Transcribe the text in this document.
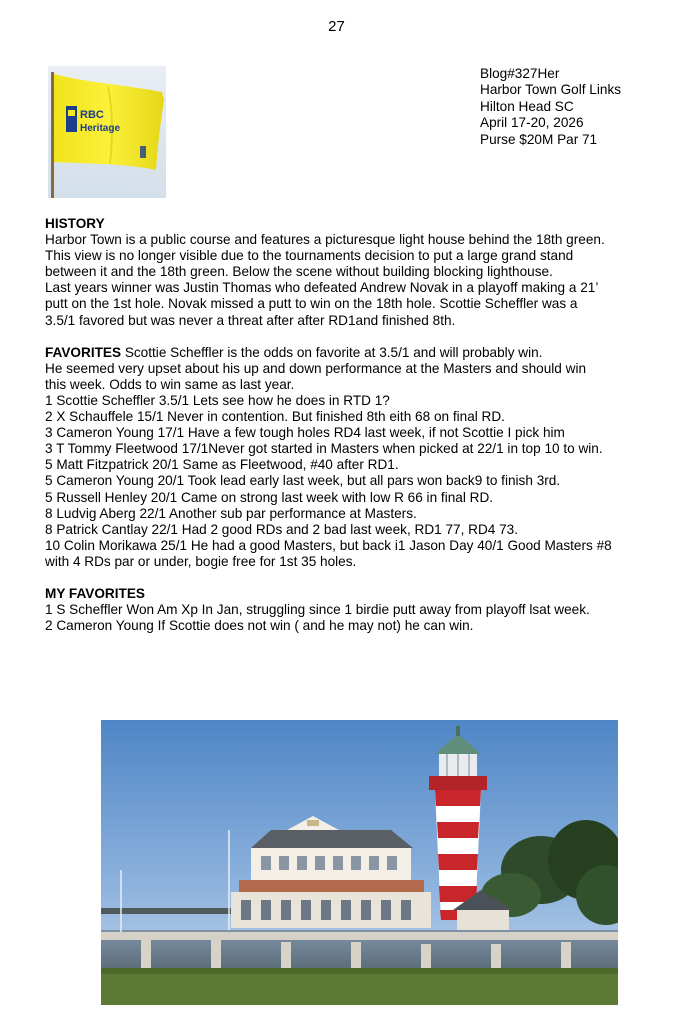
27
RBC
Heritage
Blog#327Her
Harbor Town Golf Links
Hilton Head SC
April 17-20, 2026
Purse $20M Par 71

HISTORY

Harbor Town is a public course and features a picturesque light house behind the 18th green.

This view is no longer visible due to the tournaments decision to put a large grand stand

between it and the 18th green. Below the scene without building blocking lighthouse.

Last years winner was Justin Thomas who defeated Andrew Novak in a playoff making a 21’

putt on the 1st hole. Novak missed a putt to win on the 18th hole. Scottie Scheffler was a

3.5/1 favored but was never a threat after after RD1and finished 8th.

FAVORITES Scottie Scheffler is the odds on favorite at 3.5/1 and will probably win.

He seemed very upset about his up and down performance at the Masters and should win

this week. Odds to win same as last year.

1 Scottie Scheffler 3.5/1 Lets see how he does in RTD 1?

2 X Schauffele 15/1 Never in contention. But finished 8th eith 68 on final RD.

3 Cameron Young 17/1 Have a few tough holes RD4 last week, if not Scottie I pick him

3 T Tommy Fleetwood 17/1Never got started in Masters when picked at 22/1 in top 10 to win.

5 Matt Fitzpatrick 20/1 Same as Fleetwood, #40 after RD1.

5 Cameron Young 20/1 Took lead early last week, but all pars won back9 to finish 3rd.

5 Russell Henley 20/1 Came on strong last week with low R 66 in final RD.

8 Ludvig Aberg 22/1 Another sub par performance at Masters.

8 Patrick Cantlay 22/1 Had 2 good RDs and 2 bad last week, RD1 77, RD4 73.

10 Colin Morikawa 25/1 He had a good Masters, but back i1 Jason Day 40/1 Good Masters #8

with 4 RDs par or under, bogie free for 1st 35 holes.

MY FAVORITES

1 S Scheffler Won Am Xp In Jan, struggling since 1 birdie putt away from playoff lsat week.

2 Cameron Young If Scottie does not win ( and he may not) he can win.
